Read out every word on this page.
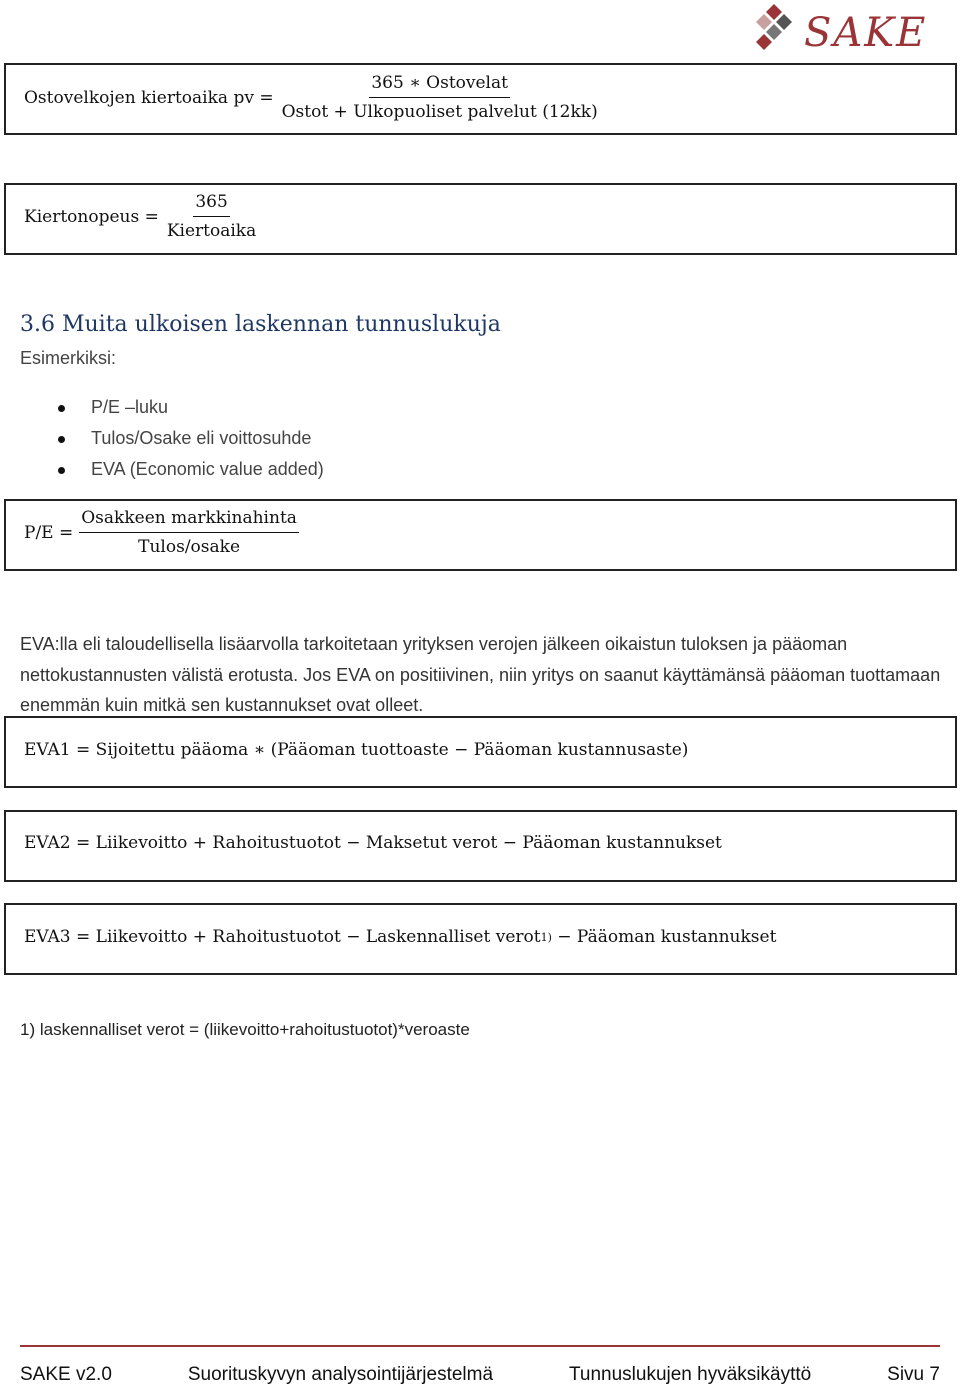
SAKE
Ostovelkojen kiertoaika pv = $\frac{\text{365 ∗ Ostovelat}}{\text{Ostot + Ulkopuoliset palvelut (12kk)}}$
Kiertonopeus = $\frac{365}{\text{Kiertoaika}}$
3.6 Muita ulkoisen laskennan tunnuslukuja
Esimerkiksi:
P/E –luku
Tulos/Osake eli voittosuhde
EVA (Economic value added)
$P/E = \frac{\text{Osakkeen markkinahinta}}{\text{Tulos/osake}}$
EVA:lla eli taloudellisella lisäarvolla tarkoitetaan yrityksen verojen jälkeen oikaistun tuloksen ja pääoman nettokustannusten välistä erotusta. Jos EVA on positiivinen, niin yritys on saanut käyttämänsä pääoman tuottamaan enemmän kuin mitkä sen kustannukset ovat olleet.
EVA1 = Sijoitettu pääoma ∗ (Pääoman tuottoaste − Pääoman kustannusaste)
EVA2 = Liikevoitto + Rahoitustuotot − Maksetut verot − Pääoman kustannukset
EVA3 = Liikevoitto + Rahoitustuotot − Laskennalliset verot 1) − Pääoman kustannukset
1) laskennalliset verot = (liikevoitto+rahoitustuotot)*veroaste
SAKE v2.0	Suorituskyvyn analysointijärjestelmä	Tunnuslukujen hyväksikäyttö	Sivu 7
